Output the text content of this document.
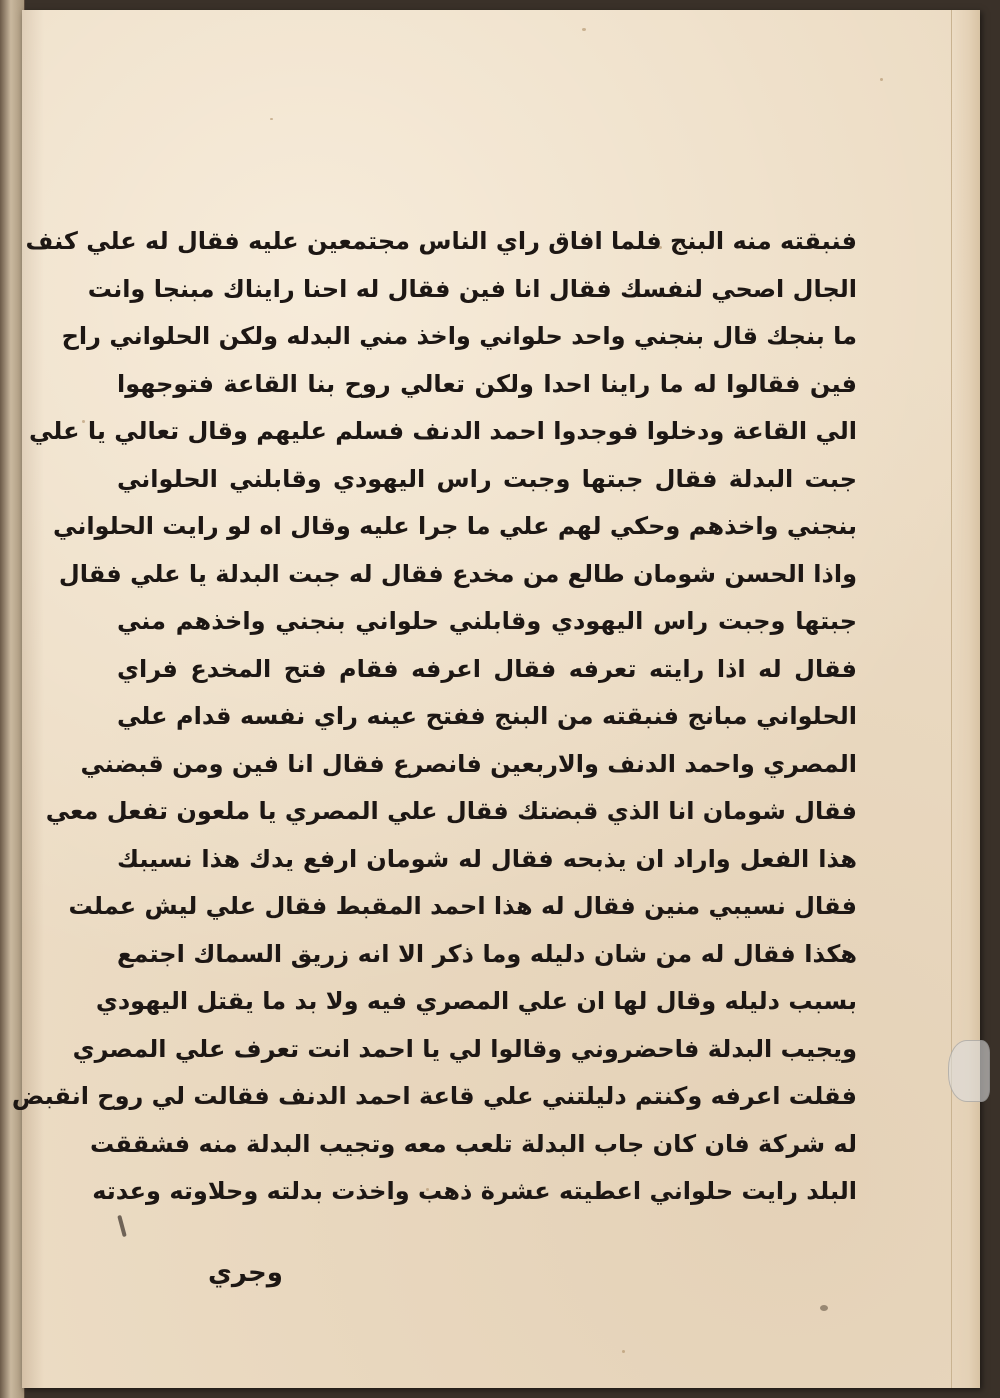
فنبقته منه البنج فلما افاق راي الناس مجتمعين عليه فقال له علي كنف
الجال اصحي لنفسك فقال انا فين فقال له احنا رايناك مبنجا وانت
ما بنجك قال بنجني واحد حلواني واخذ مني البدله ولكن الحلواني راح
فين فقالوا له ما راينا احدا ولكن تعالي روح بنا القاعة فتوجهوا
الي القاعة ودخلوا فوجدوا احمد الدنف فسلم عليهم وقال تعالي يا علي
جبت البدلة فقال جبتها وجبت راس اليهودي وقابلني الحلواني
بنجني واخذهم وحكي لهم علي ما جرا عليه وقال اه لو رايت الحلواني
واذا الحسن شومان طالع من مخدع فقال له جبت البدلة يا علي فقال
جبتها وجبت راس اليهودي وقابلني حلواني بنجني واخذهم مني
فقال له اذا رايته تعرفه فقال اعرفه فقام فتح المخدع فراي
الحلواني مبانج فنبقته من البنج ففتح عينه راي نفسه قدام علي
المصري واحمد الدنف والاربعين فانصرع فقال انا فين ومن قبضني
فقال شومان انا الذي قبضتك فقال علي المصري يا ملعون تفعل معي
هذا الفعل واراد ان يذبحه فقال له شومان ارفع يدك هذا نسيبك
فقال نسيبي منين فقال له هذا احمد المقبط فقال علي ليش عملت
هكذا فقال له من شان دليله وما ذكر الا انه زريق السماك اجتمع
بسبب دليله وقال لها ان علي المصري فيه ولا بد ما يقتل اليهودي
ويجيب البدلة فاحضروني وقالوا لي يا احمد انت تعرف علي المصري
فقلت اعرفه وكنتم دليلتني علي قاعة احمد الدنف فقالت لي روح انقبض
له شركة فان كان جاب البدلة تلعب معه وتجيب البدلة منه فشققت
البلد رايت حلواني اعطيته عشرة ذهب واخذت بدلته وحلاوته وعدته
وجري
